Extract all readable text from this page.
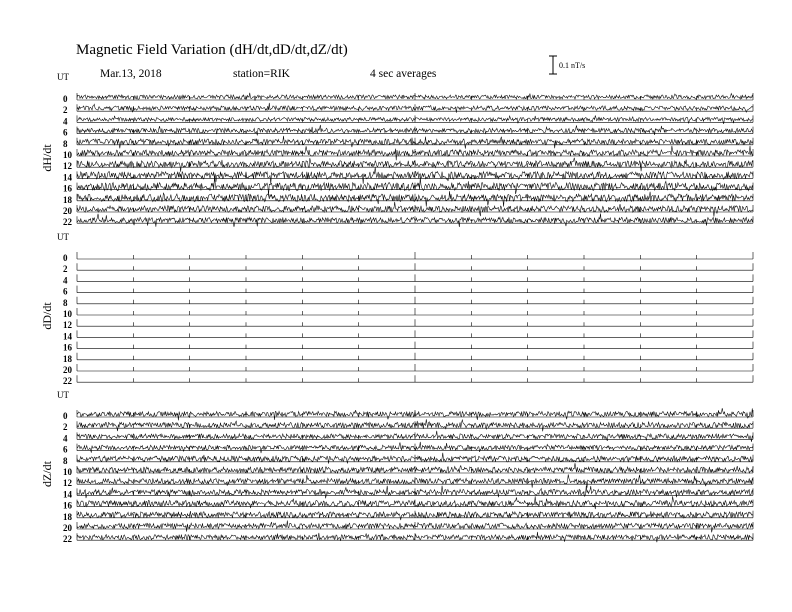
Magnetic Field Variation (dH/dt,dD/dt,dZ/dt)
Mar.13, 2018	station=RIK	4 sec averages
0.1 nT/s
UT
dH/dt
0
2
4
6
8
10
12
14
16
18
20
22
UT
dD/dt
0
2
4
6
8
10
12
14
16
18
20
22
UT
dZ/dt
0
2
4
6
8
10
12
14
16
18
20
22
